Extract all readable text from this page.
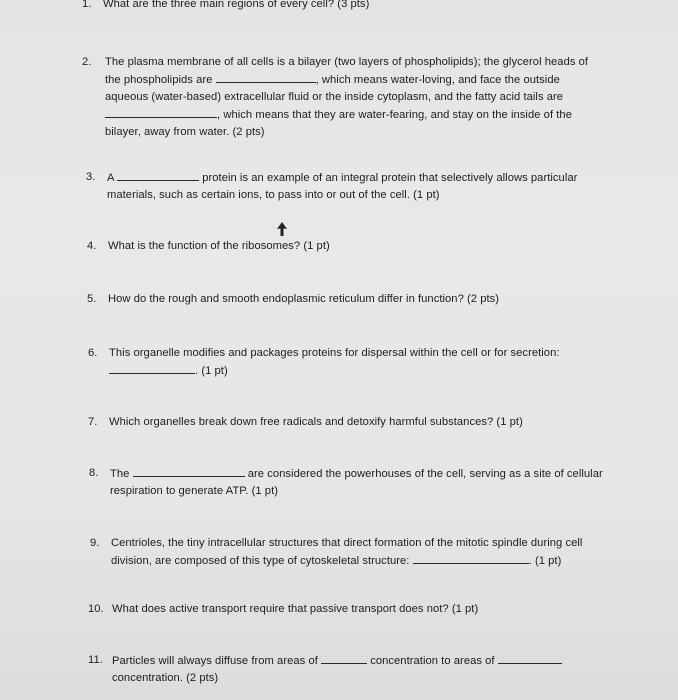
1. What are the three main regions of every cell? (3 pts)
2. The plasma membrane of all cells is a bilayer (two layers of phospholipids); the glycerol heads of
the phospholipids are	, which means water-loving, and face the outside
aqueous (water-based) extracellular fluid or the inside cytoplasm, and the fatty acid tails are
, which means that they are water-fearing, and stay on the inside of the
bilayer, away from water. (2 pts)
3. A	protein is an example of an integral protein that selectively allows particular
materials, such as certain ions, to pass into or out of the cell. (1 pt)
4. What is the function of the ribosomes? (1 pt)
5. How do the rough and smooth endoplasmic reticulum differ in function? (2 pts)
6. This organelle modifies and packages proteins for dispersal within the cell or for secretion:
. (1 pt)
7. Which organelles break down free radicals and detoxify harmful substances? (1 pt)
8. The	are considered the powerhouses of the cell, serving as a site of cellular
respiration to generate ATP. (1 pt)
9. Centrioles, the tiny intracellular structures that direct formation of the mitotic spindle during cell
division, are composed of this type of cytoskeletal structure:	. (1 pt)
10. What does active transport require that passive transport does not? (1 pt)
11. Particles will always diffuse from areas of	concentration to areas of
concentration. (2 pts)
